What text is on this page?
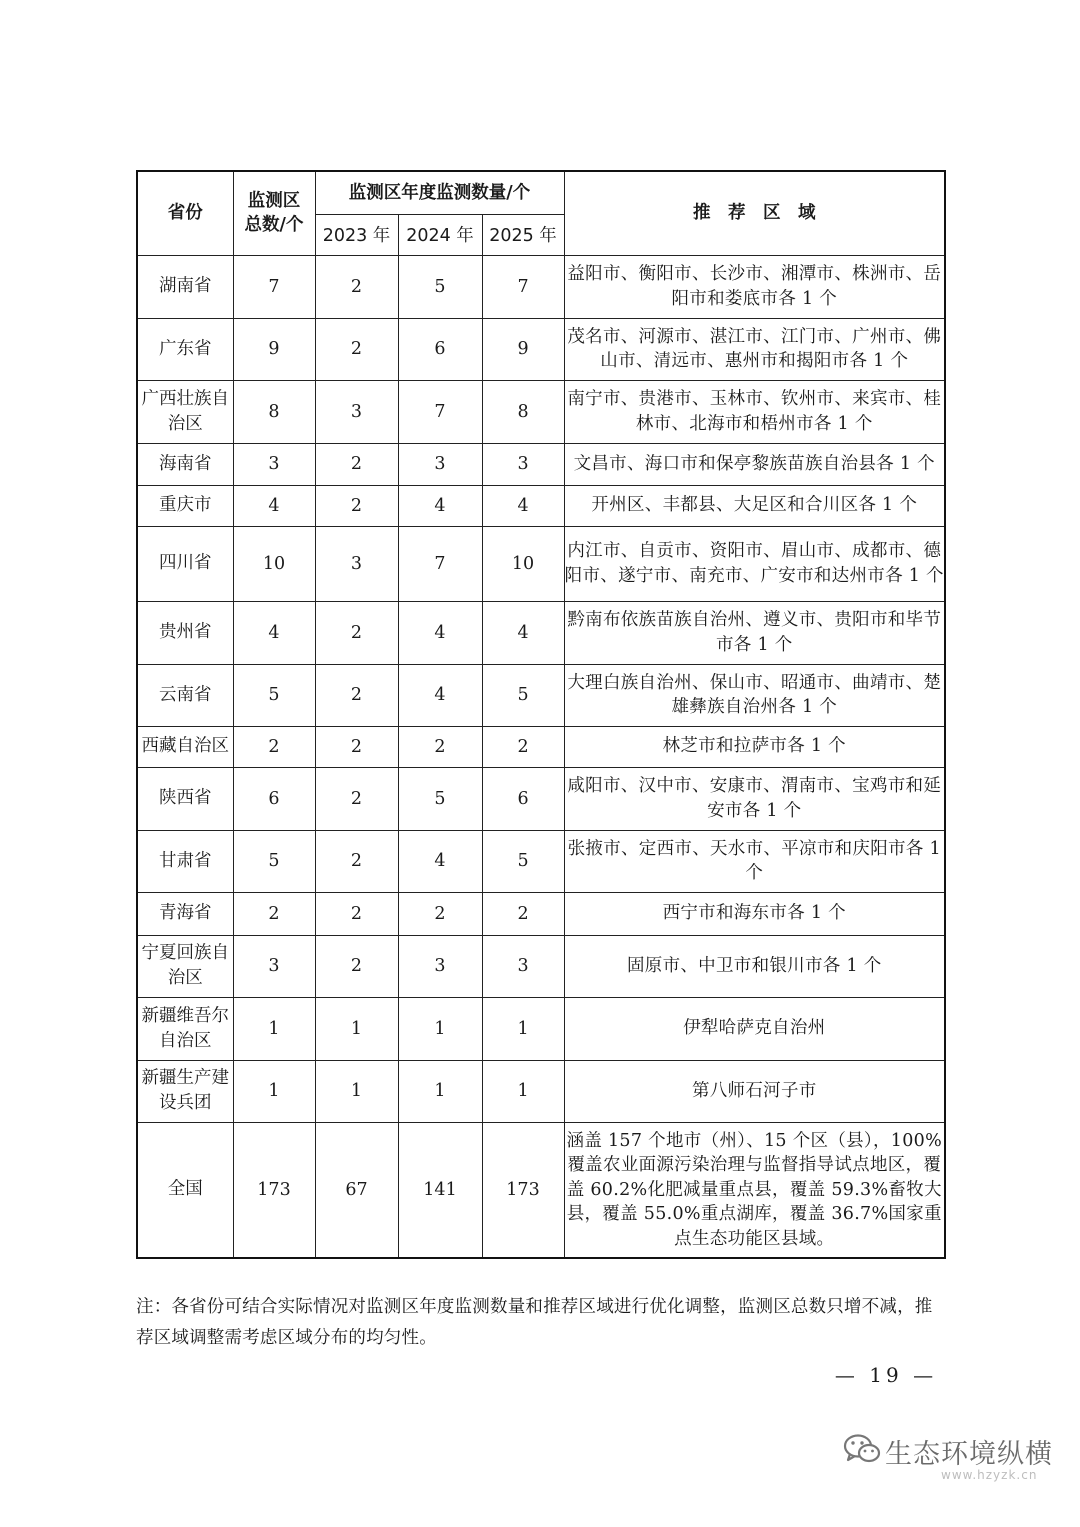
省份	监测区总数/个	监测区年度监测数量/个			推　荐　区　域
		2023 年	2024 年	2025 年	
湖南省	7	2	5	7	益阳市、衡阳市、长沙市、湘潭市、株洲市、岳阳市和娄底市各 1 个
广东省	9	2	6	9	茂名市、河源市、湛江市、江门市、广州市、佛山市、清远市、惠州市和揭阳市各 1 个
广西壮族自治区	8	3	7	8	南宁市、贵港市、玉林市、钦州市、来宾市、桂林市、北海市和梧州市各 1 个
海南省	3	2	3	3	文昌市、海口市和保亭黎族苗族自治县各 1 个
重庆市	4	2	4	4	开州区、丰都县、大足区和合川区各 1 个
四川省	10	3	7	10	内江市、自贡市、资阳市、眉山市、成都市、德阳市、遂宁市、南充市、广安市和达州市各 1 个
贵州省	4	2	4	4	黔南布依族苗族自治州、遵义市、贵阳市和毕节市各 1 个
云南省	5	2	4	5	大理白族自治州、保山市、昭通市、曲靖市、楚雄彝族自治州各 1 个
西藏自治区	2	2	2	2	林芝市和拉萨市各 1 个
陕西省	6	2	5	6	咸阳市、汉中市、安康市、渭南市、宝鸡市和延安市各 1 个
甘肃省	5	2	4	5	张掖市、定西市、天水市、平凉市和庆阳市各 1 个
青海省	2	2	2	2	西宁市和海东市各 1 个
宁夏回族自治区	3	2	3	3	固原市、中卫市和银川市各 1 个
新疆维吾尔自治区	1	1	1	1	伊犁哈萨克自治州
新疆生产建设兵团	1	1	1	1	第八师石河子市
全国	173	67	141	173	涵盖 157 个地市（州）、15 个区（县），100%覆盖农业面源污染治理与监督指导试点地区，覆盖 60.2%化肥减量重点县，覆盖 59.3%畜牧大县，覆盖 55.0%重点湖库，覆盖 36.7%国家重点生态功能区县域。
注：各省份可结合实际情况对监测区年度监测数量和推荐区域进行优化调整，监测区总数只增不减，推荐区域调整需考虑区域分布的均匀性。
— 19 —
生态环境纵横
www.hzyzk.cn
